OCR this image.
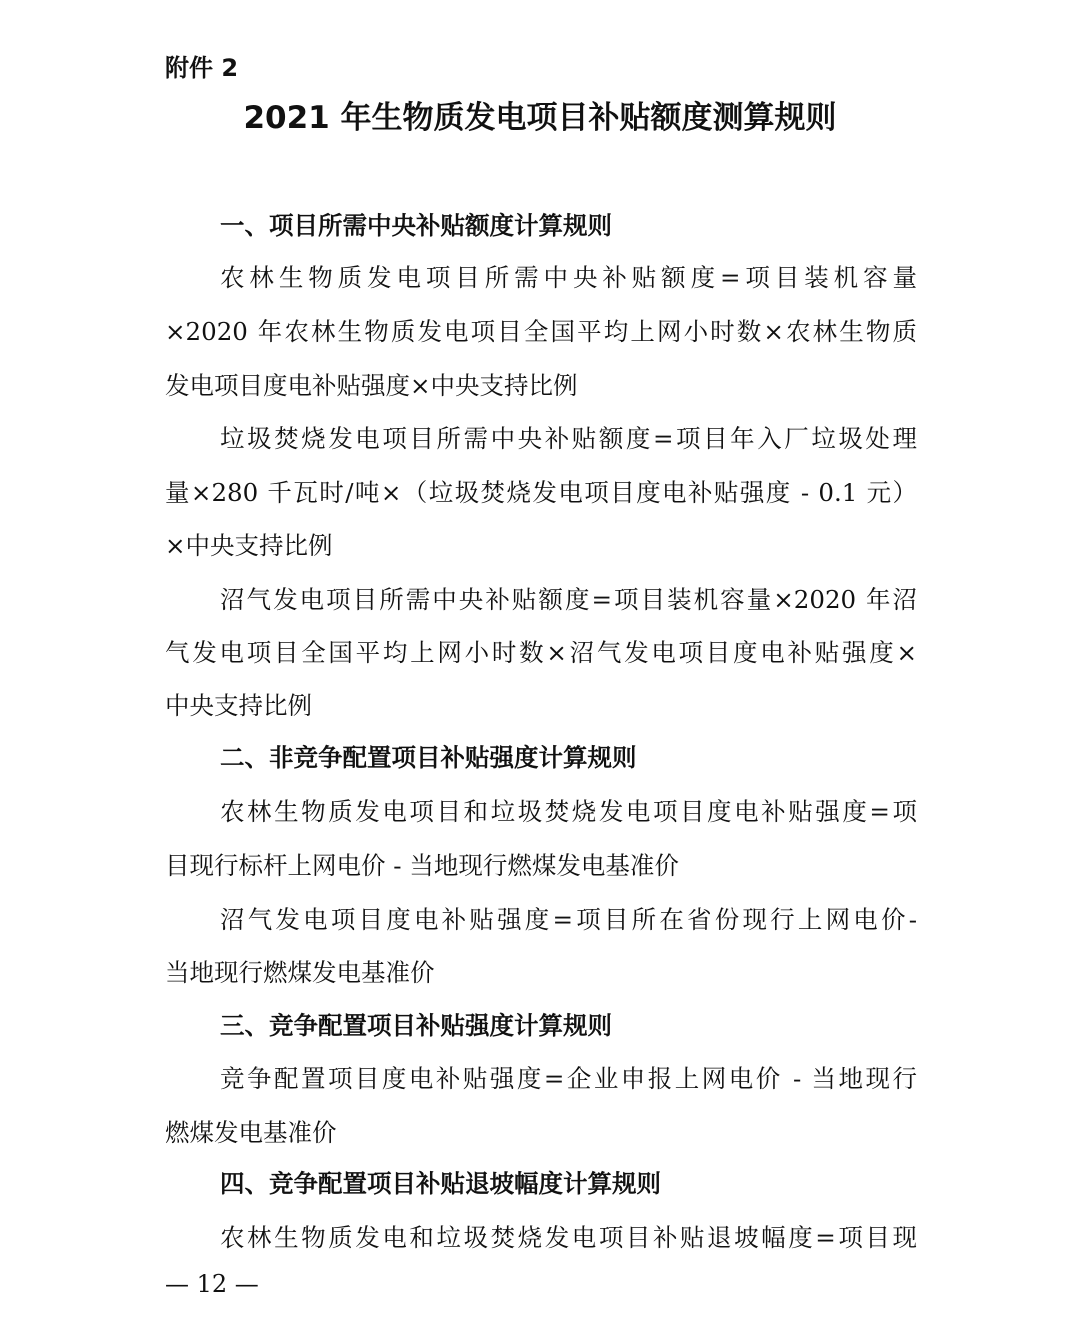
附件 2
2021 年生物质发电项目补贴额度测算规则
一、项目所需中央补贴额度计算规则
农林生物质发电项目所需中央补贴额度=项目装机容量
×2020 年农林生物质发电项目全国平均上网小时数×农林生物质
发电项目度电补贴强度×中央支持比例
垃圾焚烧发电项目所需中央补贴额度=项目年入厂垃圾处理
量×280 千瓦时/吨×（垃圾焚烧发电项目度电补贴强度 - 0.1 元）
×中央支持比例
沼气发电项目所需中央补贴额度=项目装机容量×2020 年沼
气发电项目全国平均上网小时数×沼气发电项目度电补贴强度×
中央支持比例
二、非竞争配置项目补贴强度计算规则
农林生物质发电项目和垃圾焚烧发电项目度电补贴强度=项
目现行标杆上网电价 - 当地现行燃煤发电基准价
沼气发电项目度电补贴强度=项目所在省份现行上网电价-
当地现行燃煤发电基准价
三、竞争配置项目补贴强度计算规则
竞争配置项目度电补贴强度=企业申报上网电价 - 当地现行
燃煤发电基准价
四、竞争配置项目补贴退坡幅度计算规则
农林生物质发电和垃圾焚烧发电项目补贴退坡幅度=项目现
— 12 —
